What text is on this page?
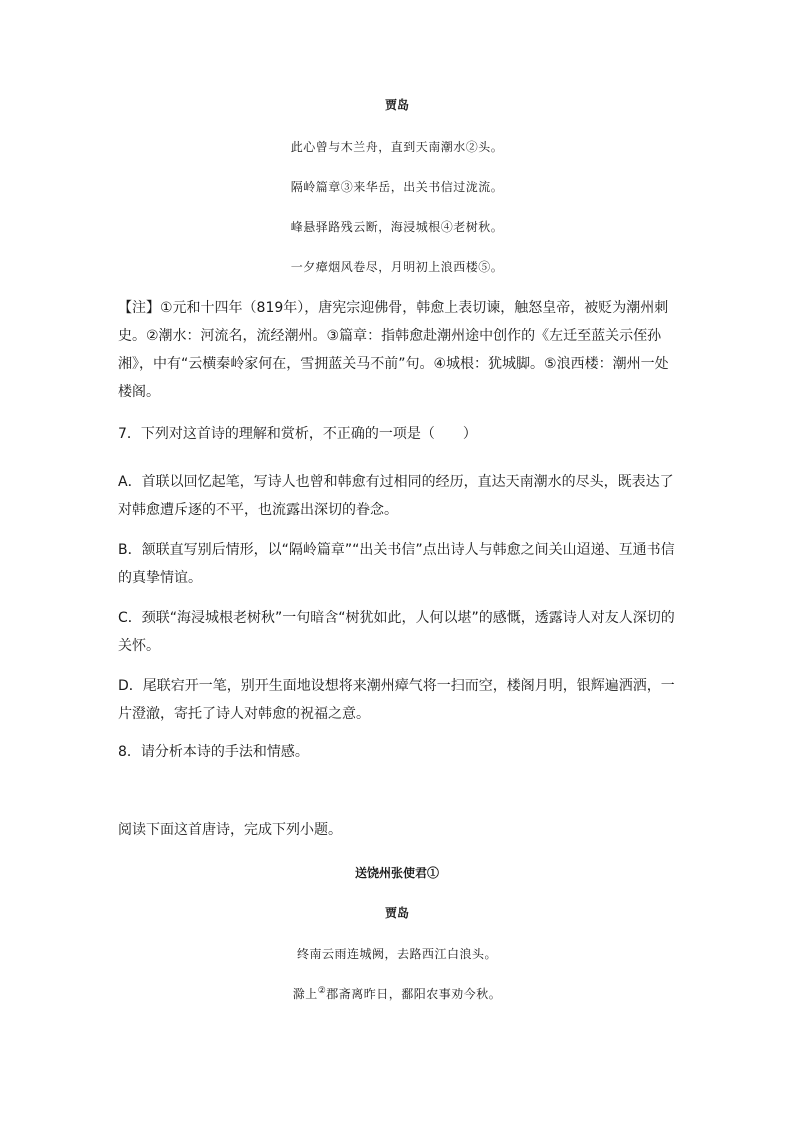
贾岛
此心曾与木兰舟，直到天南潮水②头。
隔岭篇章③来华岳，出关书信过泷流。
峰悬驿路残云断，海浸城根④老树秋。
一夕瘴烟风卷尽，月明初上浪西楼⑤。
【注】①元和十四年（819年），唐宪宗迎佛骨，韩愈上表切谏，触怒皇帝，被贬为潮州刺
史。②潮水：河流名，流经潮州。③篇章：指韩愈赴潮州途中创作的《左迁至蓝关示侄孙
湘》，中有“云横秦岭家何在，雪拥蓝关马不前”句。④城根：犹城脚。⑤浪西楼：潮州一处
楼阁。
7．下列对这首诗的理解和赏析，不正确的一项是（　　）
A．首联以回忆起笔，写诗人也曾和韩愈有过相同的经历，直达天南潮水的尽头，既表达了
对韩愈遭斥逐的不平，也流露出深切的眷念。
B．颔联直写别后情形，以“隔岭篇章”“出关书信”点出诗人与韩愈之间关山迢递、互通书信
的真挚情谊。
C．颈联“海浸城根老树秋”一句暗含“树犹如此，人何以堪”的感慨，透露诗人对友人深切的
关怀。
D．尾联宕开一笔，别开生面地设想将来潮州瘴气将一扫而空，楼阁月明，银辉遍洒洒，一
片澄澈，寄托了诗人对韩愈的祝福之意。
8．请分析本诗的手法和情感。
阅读下面这首唐诗，完成下列小题。
送饶州张使君①
贾岛
终南云雨连城阙，去路西江白浪头。
滁上②郡斋离昨日，鄱阳农事劝今秋。
